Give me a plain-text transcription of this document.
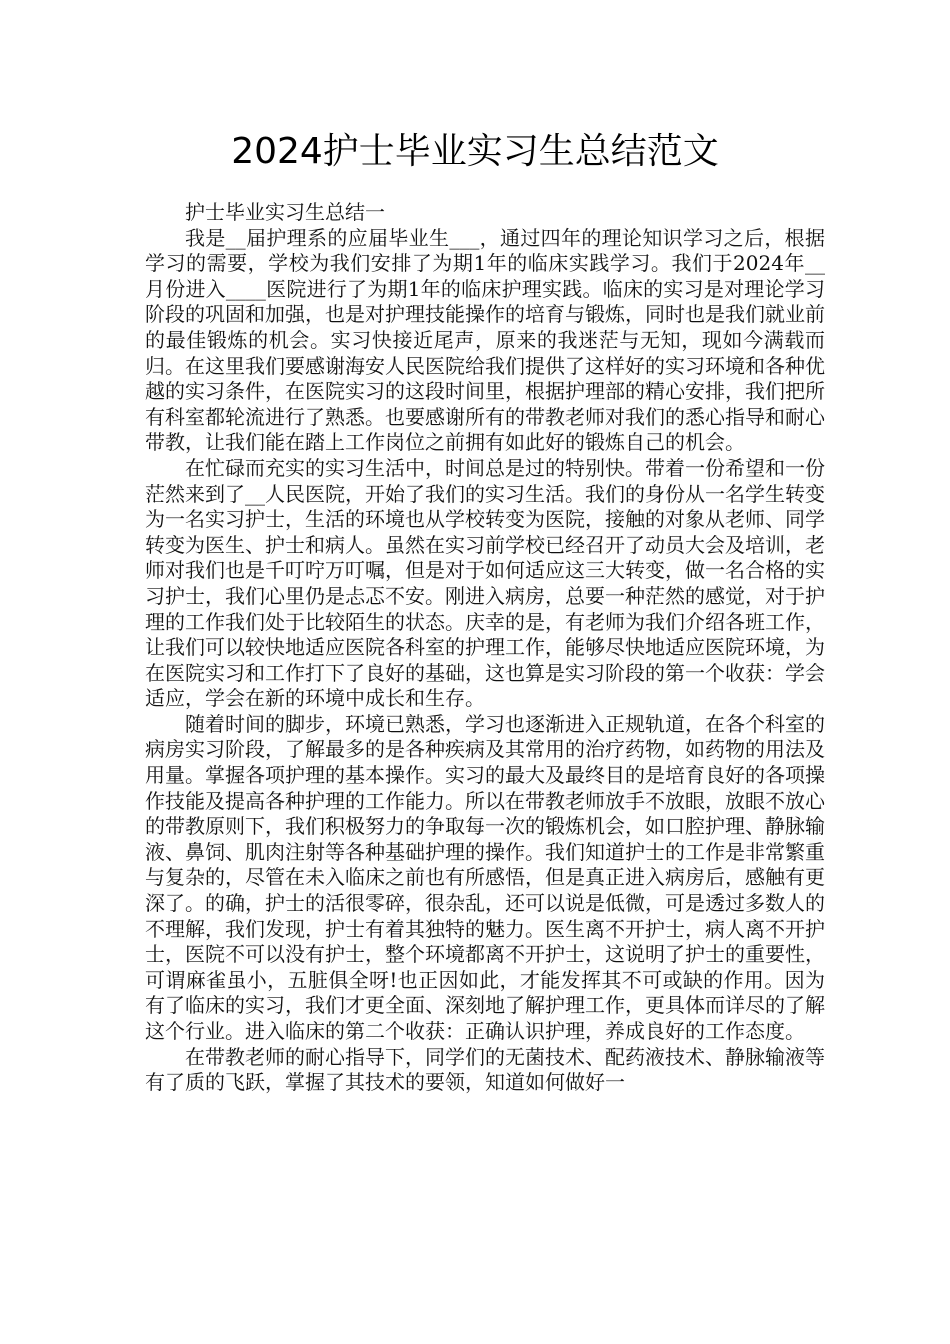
2024护士毕业实习生总结范文

护士毕业实习生总结一

我是__届护理系的应届毕业生___，通过四年的理论知识学习之后，根据学习的需要，学校为我们安排了为期1年的临床实践学习。我们于2024年__月份进入____医院进行了为期1年的临床护理实践。临床的实习是对理论学习阶段的巩固和加强，也是对护理技能操作的培育与锻炼，同时也是我们就业前的最佳锻炼的机会。实习快接近尾声，原来的我迷茫与无知，现如今满载而归。在这里我们要感谢海安人民医院给我们提供了这样好的实习环境和各种优越的实习条件，在医院实习的这段时间里，根据护理部的精心安排，我们把所有科室都轮流进行了熟悉。也要感谢所有的带教老师对我们的悉心指导和耐心带教，让我们能在踏上工作岗位之前拥有如此好的锻炼自己的机会。

在忙碌而充实的实习生活中，时间总是过的特别快。带着一份希望和一份茫然来到了__人民医院，开始了我们的实习生活。我们的身份从一名学生转变为一名实习护士，生活的环境也从学校转变为医院，接触的对象从老师、同学转变为医生、护士和病人。虽然在实习前学校已经召开了动员大会及培训，老师对我们也是千叮咛万叮嘱，但是对于如何适应这三大转变，做一名合格的实习护士，我们心里仍是忐忑不安。刚进入病房，总要一种茫然的感觉，对于护理的工作我们处于比较陌生的状态。庆幸的是，有老师为我们介绍各班工作，让我们可以较快地适应医院各科室的护理工作，能够尽快地适应医院环境，为在医院实习和工作打下了良好的基础，这也算是实习阶段的第一个收获：学会适应，学会在新的环境中成长和生存。

随着时间的脚步，环境已熟悉，学习也逐渐进入正规轨道，在各个科室的病房实习阶段，了解最多的是各种疾病及其常用的治疗药物，如药物的用法及用量。掌握各项护理的基本操作。实习的最大及最终目的是培育良好的各项操作技能及提高各种护理的工作能力。所以在带教老师放手不放眼，放眼不放心的带教原则下，我们积极努力的争取每一次的锻炼机会，如口腔护理、静脉输液、鼻饲、肌肉注射等各种基础护理的操作。我们知道护士的工作是非常繁重与复杂的，尽管在未入临床之前也有所感悟，但是真正进入病房后，感触有更深了。的确，护士的活很零碎，很杂乱，还可以说是低微，可是透过多数人的不理解，我们发现，护士有着其独特的魅力。医生离不开护士，病人离不开护士，医院不可以没有护士，整个环境都离不开护士，这说明了护士的重要性，可谓麻雀虽小，五脏俱全呀!也正因如此，才能发挥其不可或缺的作用。因为有了临床的实习，我们才更全面、深刻地了解护理工作，更具体而详尽的了解这个行业。进入临床的第二个收获：正确认识护理，养成良好的工作态度。

在带教老师的耐心指导下，同学们的无菌技术、配药液技术、静脉输液等有了质的飞跃，掌握了其技术的要领，知道如何做好一
